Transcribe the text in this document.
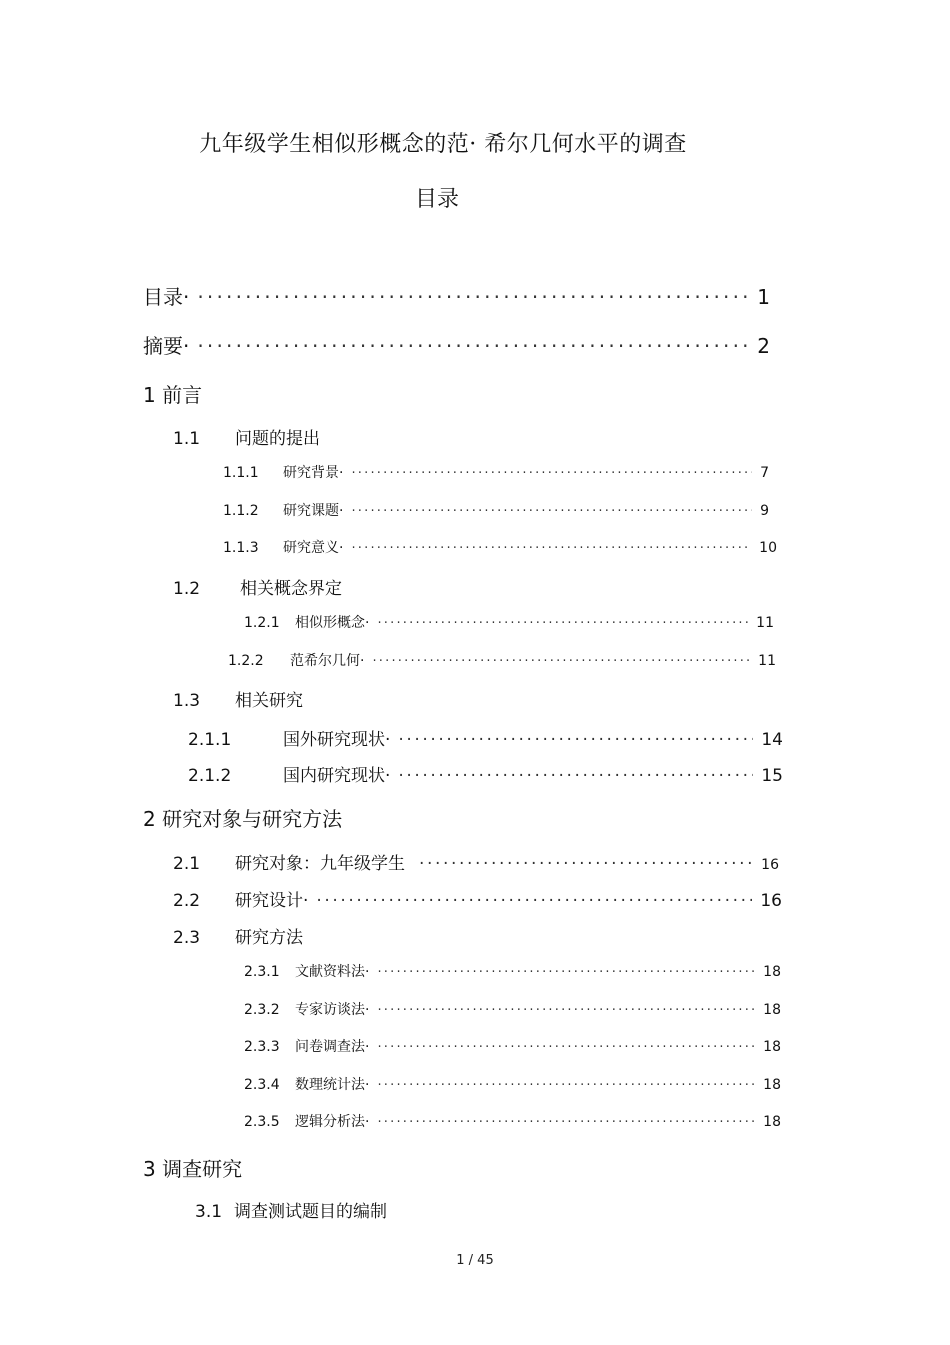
九年级学生相似形概念的范· 希尔几何水平的调查
目录
目录· ·····	1
摘要· ·····	2
1 前言
1.1	问题的提出
1.1.1	研究背景· ·····	7
1.1.2	研究课题· ·····	9
1.1.3	研究意义· ·····	10
1.2	相关概念界定
1.2.1	相似形概念· ·····	11
1.2.2	范希尔几何· ·····	11
1.3	相关研究
2.1.1	国外研究现状· ·····	14
2.1.2	国内研究现状· ·····	15
2 研究对象与研究方法
2.1	研究对象：九年级学生 ·····	16
2.2	研究设计· ·····	16
2.3	研究方法
2.3.1	文献资料法· ·····	18
2.3.2	专家访谈法· ·····	18
2.3.3	问卷调查法· ·····	18
2.3.4	数理统计法· ·····	18
2.3.5	逻辑分析法· ·····	18
3 调查研究
3.1 调查测试题目的编制
1 / 45
